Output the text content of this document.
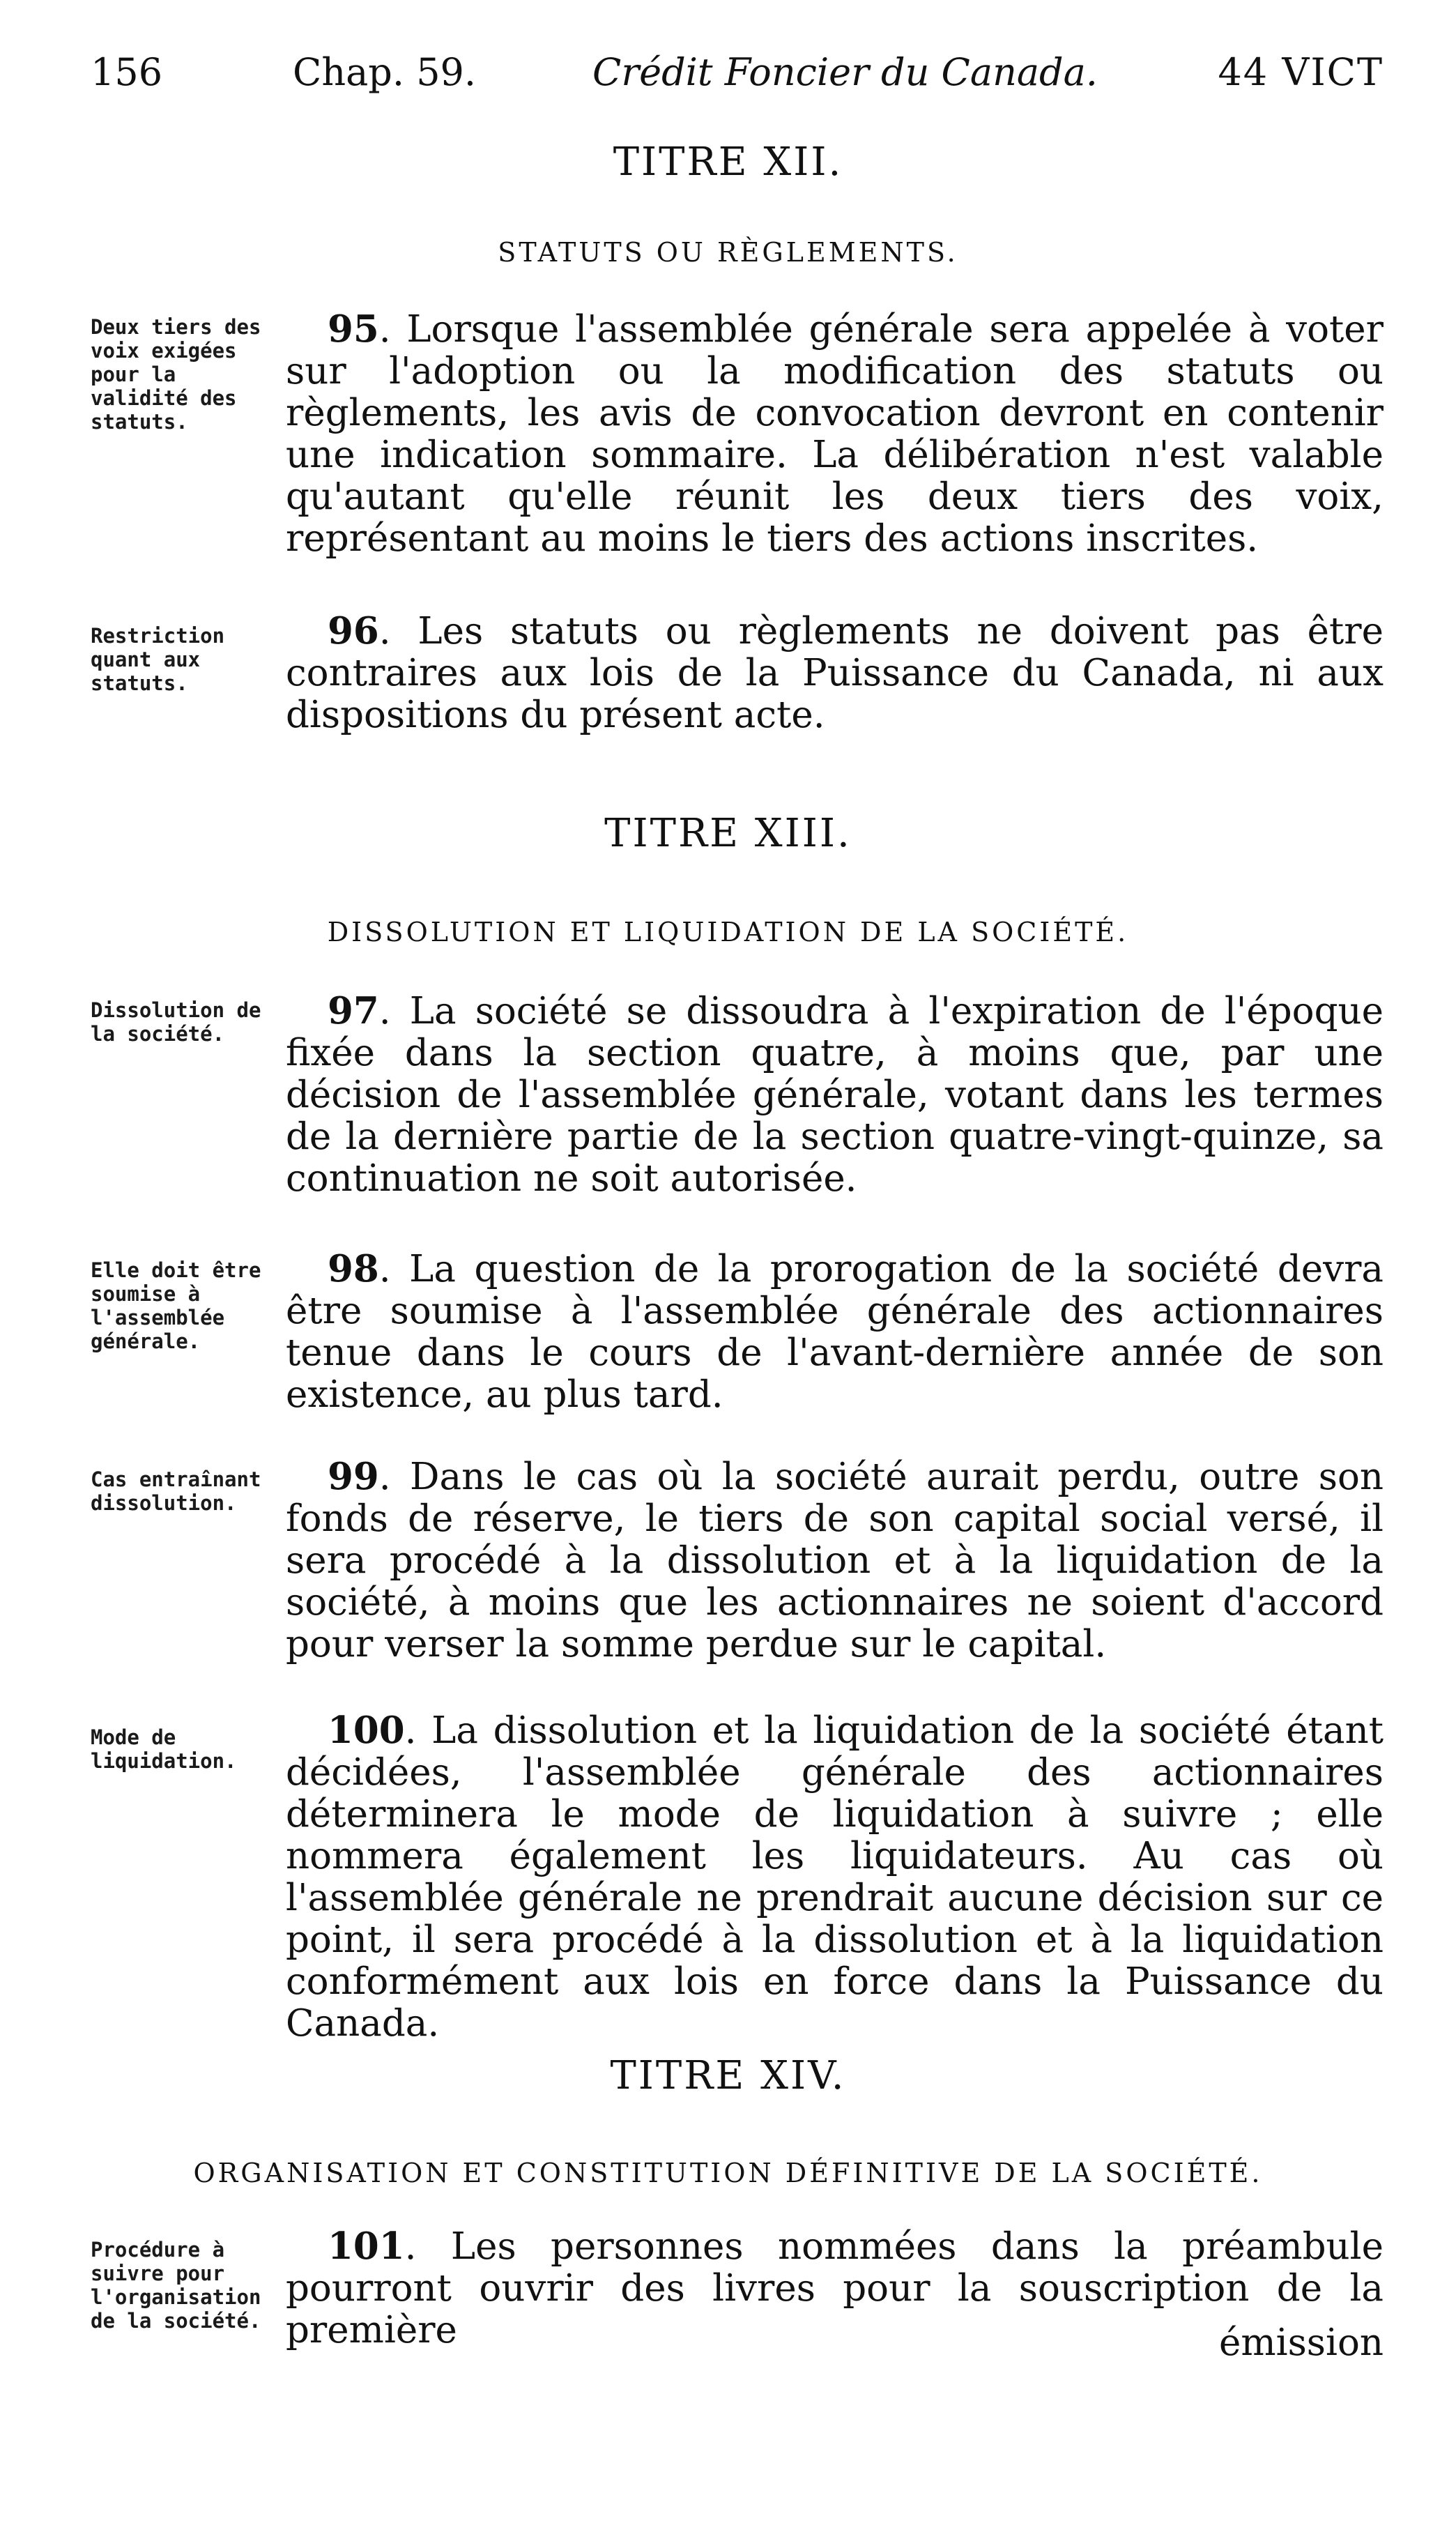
156	Chap. 59.	Crédit Foncier du Canada.	44 VICT
TITRE XII.
STATUTS OU RÈGLEMENTS.
Deux tiers des voix exigées pour la validité des statuts.

95. Lorsque l'assemblée générale sera appelée à voter sur l'adoption ou la modification des statuts ou règlements, les avis de convocation devront en contenir une indication sommaire. La délibération n'est valable qu'autant qu'elle réunit les deux tiers des voix, représentant au moins le tiers des actions inscrites.

Restriction quant aux statuts.

96. Les statuts ou règlements ne doivent pas être contraires aux lois de la Puissance du Canada, ni aux dispositions du présent acte.

TITRE XIII.
DISSOLUTION ET LIQUIDATION DE LA SOCIÉTÉ.
Dissolution de la société.

97. La société se dissoudra à l'expiration de l'époque fixée dans la section quatre, à moins que, par une décision de l'assemblée générale, votant dans les termes de la dernière partie de la section quatre-vingt-quinze, sa continuation ne soit autorisée.

Elle doit être soumise à l'assemblée générale.

98. La question de la prorogation de la société devra être soumise à l'assemblée générale des actionnaires tenue dans le cours de l'avant-dernière année de son existence, au plus tard.

Cas entraînant dissolution.

99. Dans le cas où la société aurait perdu, outre son fonds de réserve, le tiers de son capital social versé, il sera procédé à la dissolution et à la liquidation de la société, à moins que les actionnaires ne soient d'accord pour verser la somme perdue sur le capital.

Mode de liquidation.

100. La dissolution et la liquidation de la société étant décidées, l'assemblée générale des actionnaires déterminera le mode de liquidation à suivre ; elle nommera également les liquidateurs. Au cas où l'assemblée générale ne prendrait aucune décision sur ce point, il sera procédé à la dissolution et à la liquidation conformément aux lois en force dans la Puissance du Canada.

TITRE XIV.
ORGANISATION ET CONSTITUTION DÉFINITIVE DE LA SOCIÉTÉ.
Procédure à suivre pour l'organisation de la société.

101. Les personnes nommées dans la préambule pourront ouvrir des livres pour la souscription de la première	émission
